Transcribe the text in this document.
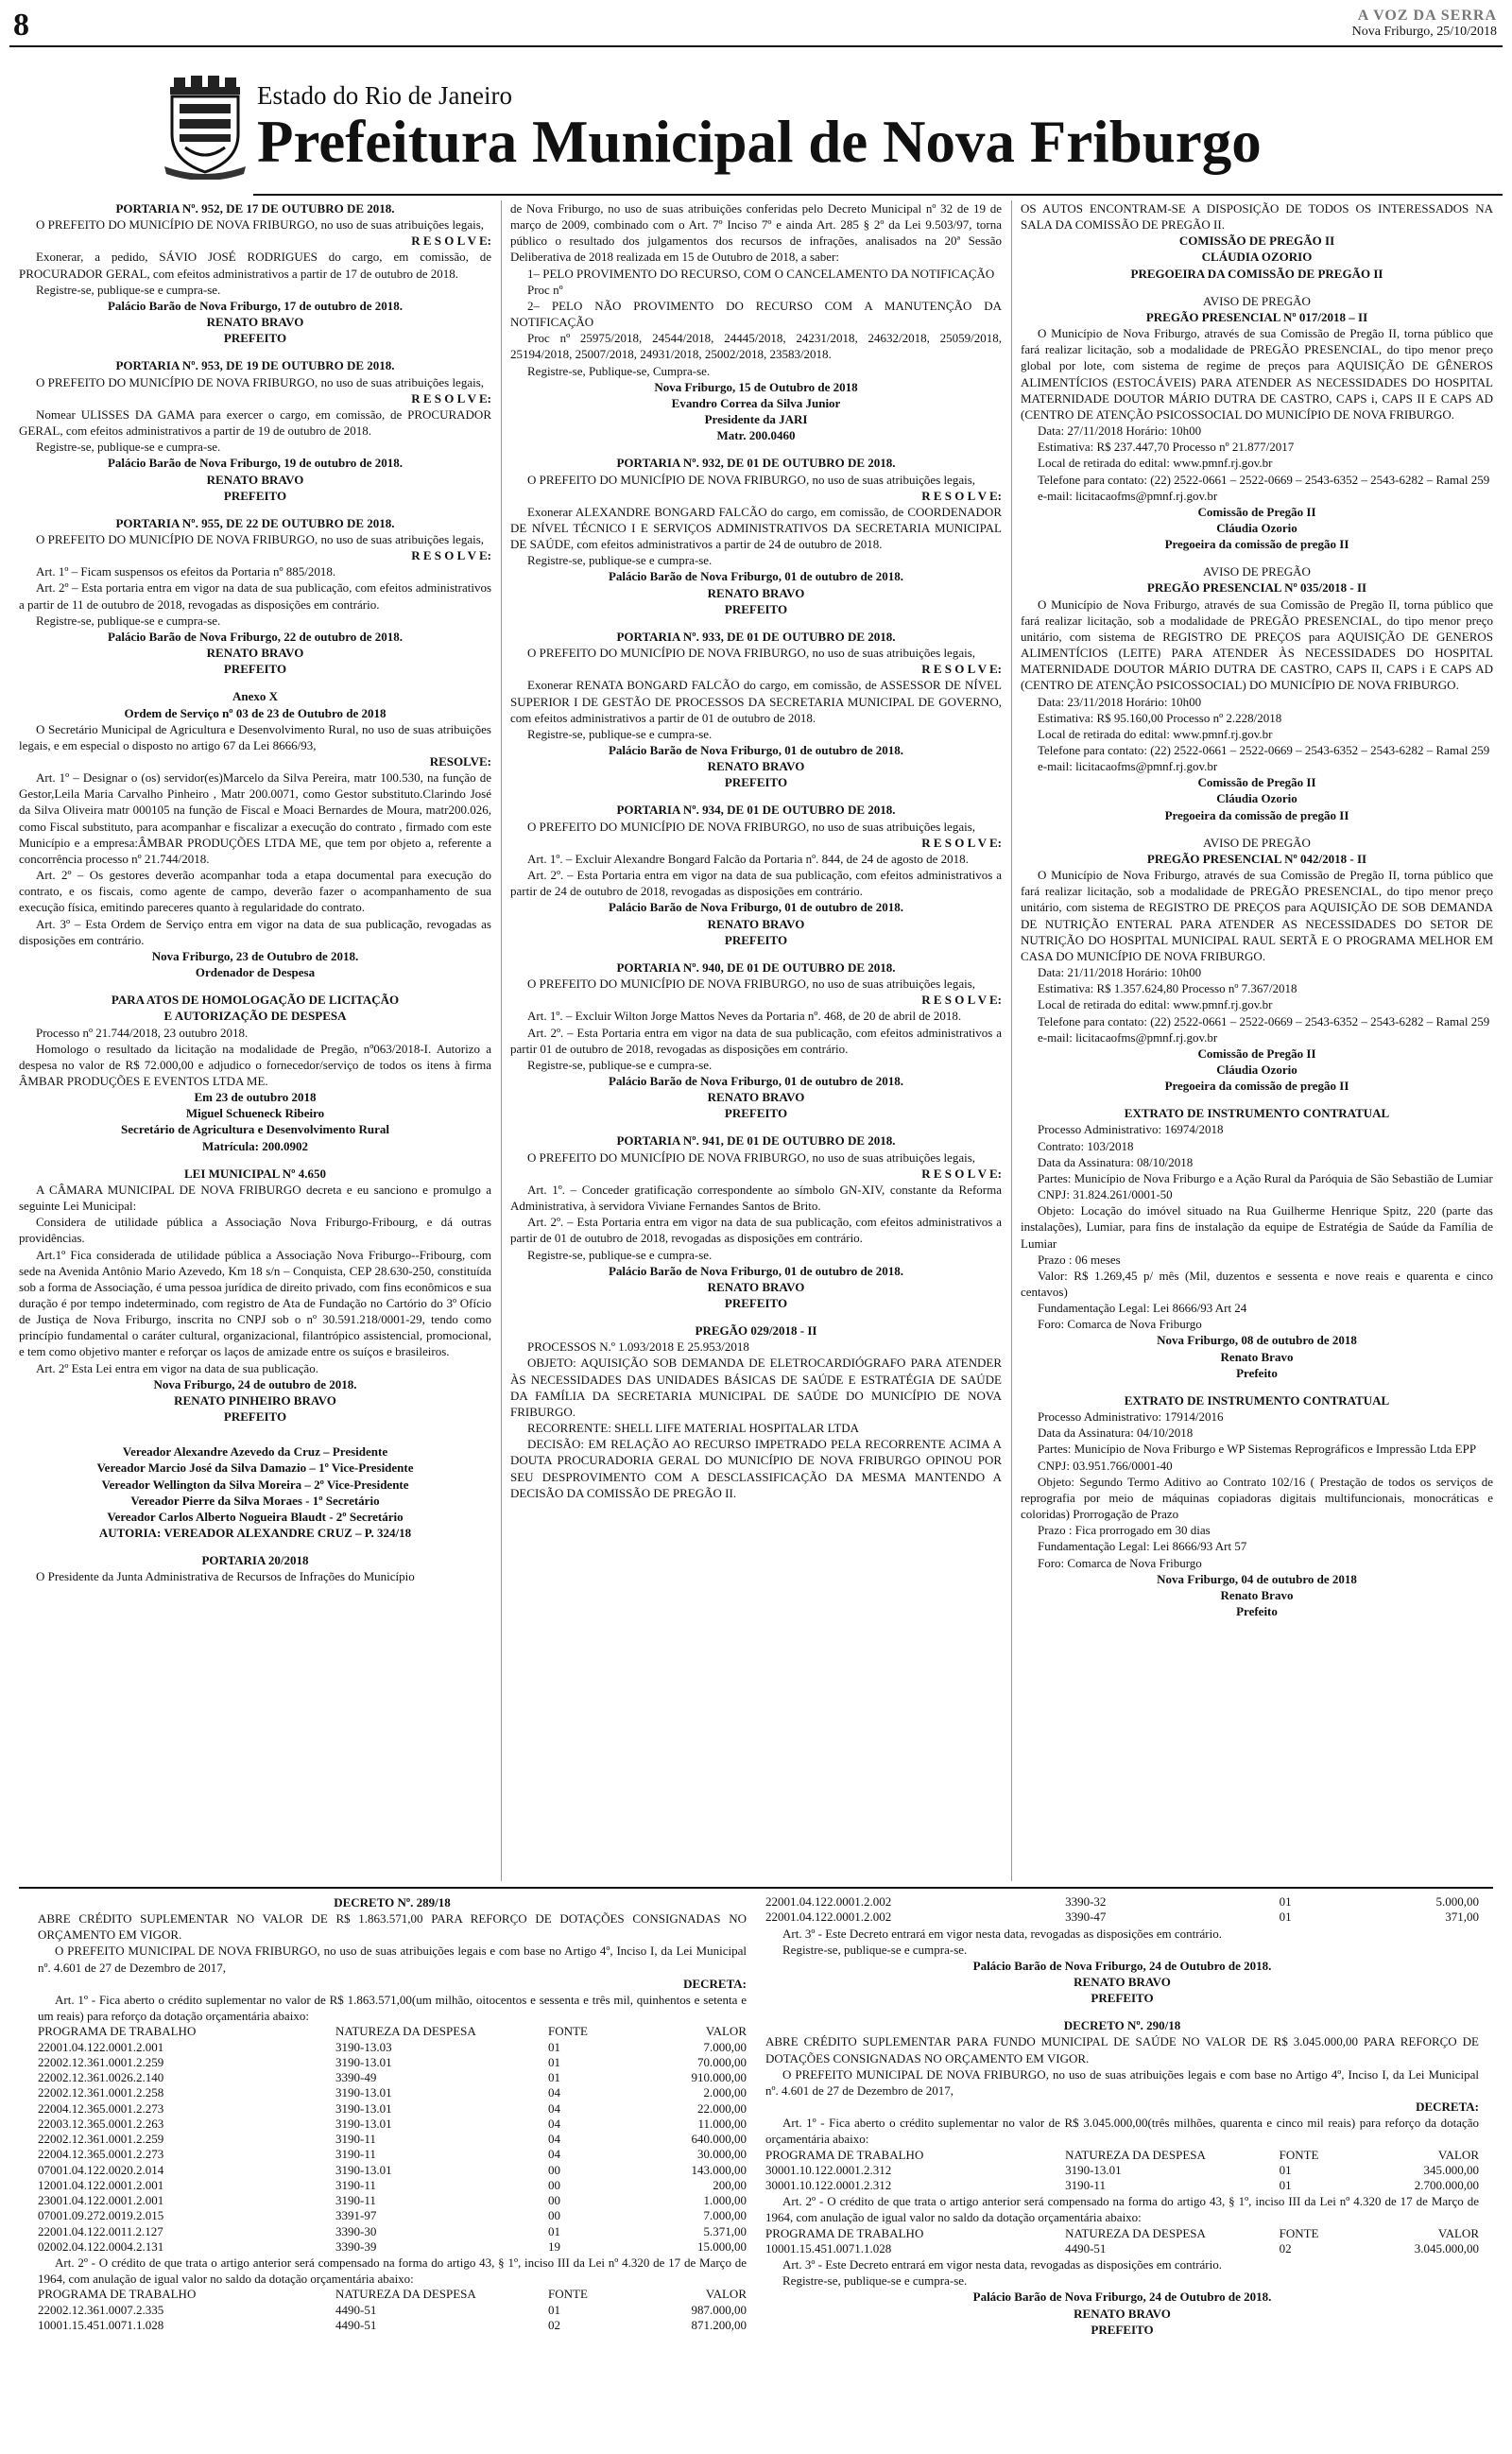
8	A VOZ DA SERRA
Nova Friburgo, 25/10/2018
Estado do Rio de Janeiro
Prefeitura Municipal de Nova Friburgo

PORTARIA Nº. 952, DE 17 DE OUTUBRO DE 2018.

O PREFEITO DO MUNICÍPIO DE NOVA FRIBURGO, no uso de suas atribuições legais,

R E S O L V E:

Exonerar, a pedido, SÁVIO JOSÉ RODRIGUES do cargo, em comissão, de PROCURADOR GERAL, com efeitos administrativos a partir de 17 de outubro de 2018.

Registre-se, publique-se e cumpra-se.

Palácio Barão de Nova Friburgo, 17 de outubro de 2018.

RENATO BRAVO

PREFEITO

PORTARIA Nº. 953, DE 19 DE OUTUBRO DE 2018.

O PREFEITO DO MUNICÍPIO DE NOVA FRIBURGO, no uso de suas atribuições legais,

R E S O L V E:

Nomear ULISSES DA GAMA para exercer o cargo, em comissão, de PROCURADOR GERAL, com efeitos administrativos a partir de 19 de outubro de 2018.

Registre-se, publique-se e cumpra-se.

Palácio Barão de Nova Friburgo, 19 de outubro de 2018.

RENATO BRAVO

PREFEITO

PORTARIA Nº. 955, DE 22 DE OUTUBRO DE 2018.

O PREFEITO DO MUNICÍPIO DE NOVA FRIBURGO, no uso de suas atribuições legais,

R E S O L V E:

Art. 1º – Ficam suspensos os efeitos da Portaria nº 885/2018.

Art. 2º – Esta portaria entra em vigor na data de sua publicação, com efeitos administrativos a partir de 11 de outubro de 2018, revogadas as disposições em contrário.

Registre-se, publique-se e cumpra-se.

Palácio Barão de Nova Friburgo, 22 de outubro de 2018.

RENATO BRAVO

PREFEITO

Anexo X

Ordem de Serviço nº 03 de 23 de Outubro de 2018

O Secretário Municipal de Agricultura e Desenvolvimento Rural, no uso de suas atribuições legais, e em especial o disposto no artigo 67 da Lei 8666/93,

RESOLVE:

Art. 1º – Designar o (os) servidor(es)Marcelo da Silva Pereira, matr 100.530, na função de Gestor,Leila Maria Carvalho Pinheiro , Matr 200.0071, como Gestor substituto.Clarindo José da Silva Oliveira matr 000105 na função de Fiscal e Moaci Bernardes de Moura, matr200.026, como Fiscal substituto, para acompanhar e fiscalizar a execução do contrato , firmado com este Município e a empresa:ÂMBAR PRODUÇÕES LTDA ME, que tem por objeto a, referente a concorrência processo nº 21.744/2018.

Art. 2º – Os gestores deverão acompanhar toda a etapa documental para execução do contrato, e os fiscais, como agente de campo, deverão fazer o acompanhamento de sua execução física, emitindo pareceres quanto à regularidade do contrato.

Art. 3º – Esta Ordem de Serviço entra em vigor na data de sua publicação, revogadas as disposições em contrário.

Nova Friburgo, 23 de Outubro de 2018.

Ordenador de Despesa

PARA ATOS DE HOMOLOGAÇÃO DE LICITAÇÃO

E AUTORIZAÇÃO DE DESPESA

Processo nº 21.744/2018, 23 outubro 2018.

Homologo o resultado da licitação na modalidade de Pregão, nº063/2018-I. Autorizo a despesa no valor de R$ 72.000,00 e adjudico o fornecedor/serviço de todos os itens à firma ÂMBAR PRODUÇÕES E EVENTOS LTDA ME.

Em 23 de outubro 2018

Miguel Schueneck Ribeiro

Secretário de Agricultura e Desenvolvimento Rural

Matrícula: 200.0902

LEI MUNICIPAL Nº 4.650

A CÂMARA MUNICIPAL DE NOVA FRIBURGO decreta e eu sanciono e promulgo a seguinte Lei Municipal:

Considera de utilidade pública a Associação Nova Friburgo-Fribourg, e dá outras providências.

Art.1º Fica considerada de utilidade pública a Associação Nova Friburgo--Fribourg, com sede na Avenida Antônio Mario Azevedo, Km 18 s/n – Conquista, CEP 28.630-250, constituída sob a forma de Associação, é uma pessoa jurídica de direito privado, com fins econômicos e sua duração é por tempo indeterminado, com registro de Ata de Fundação no Cartório do 3º Ofício de Justiça de Nova Friburgo, inscrita no CNPJ sob o nº 30.591.218/0001-29, tendo como princípio fundamental o caráter cultural, organizacional, filantrópico assistencial, promocional, e tem como objetivo manter e reforçar os laços de amizade entre os suíços e brasileiros.

Art. 2º Esta Lei entra em vigor na data de sua publicação.

Nova Friburgo, 24 de outubro de 2018.

RENATO PINHEIRO BRAVO

PREFEITO

Vereador Alexandre Azevedo da Cruz – Presidente

Vereador Marcio José da Silva Damazio – 1º Vice-Presidente

Vereador Wellington da Silva Moreira – 2º Vice-Presidente

Vereador Pierre da Silva Moraes - 1º Secretário

Vereador Carlos Alberto Nogueira Blaudt - 2º Secretário

AUTORIA: VEREADOR ALEXANDRE CRUZ – P. 324/18

PORTARIA 20/2018

O Presidente da Junta Administrativa de Recursos de Infrações do Município

de Nova Friburgo, no uso de suas atribuições conferidas pelo Decreto Municipal nº 32 de 19 de março de 2009, combinado com o Art. 7º Inciso 7º e ainda Art. 285 § 2º da Lei 9.503/97, torna público o resultado dos julgamentos dos recursos de infrações, analisados na 20ª Sessão Deliberativa de 2018 realizada em 15 de Outubro de 2018, a saber:

1– PELO PROVIMENTO DO RECURSO, COM O CANCELAMENTO DA NOTIFICAÇÃO

Proc nº

2– PELO NÃO PROVIMENTO DO RECURSO COM A MANUTENÇÃO DA NOTIFICAÇÃO

Proc nº 25975/2018, 24544/2018, 24445/2018, 24231/2018, 24632/2018, 25059/2018, 25194/2018, 25007/2018, 24931/2018, 25002/2018, 23583/2018.

Registre-se, Publique-se, Cumpra-se.

Nova Friburgo, 15 de Outubro de 2018

Evandro Correa da Silva Junior

Presidente da JARI

Matr. 200.0460

PORTARIA Nº. 932, DE 01 DE OUTUBRO DE 2018.

O PREFEITO DO MUNICÍPIO DE NOVA FRIBURGO, no uso de suas atribuições legais,

R E S O L V E:

Exonerar ALEXANDRE BONGARD FALCÃO do cargo, em comissão, de COORDENADOR DE NÍVEL TÉCNICO I E SERVIÇOS ADMINISTRATIVOS DA SECRETARIA MUNICIPAL DE SAÚDE, com efeitos administrativos a partir de 24 de outubro de 2018.

Registre-se, publique-se e cumpra-se.

Palácio Barão de Nova Friburgo, 01 de outubro de 2018.

RENATO BRAVO

PREFEITO

PORTARIA Nº. 933, DE 01 DE OUTUBRO DE 2018.

O PREFEITO DO MUNICÍPIO DE NOVA FRIBURGO, no uso de suas atribuições legais,

R E S O L V E:

Exonerar RENATA BONGARD FALCÃO do cargo, em comissão, de ASSESSOR DE NÍVEL SUPERIOR I DE GESTÃO DE PROCESSOS DA SECRETARIA MUNICIPAL DE GOVERNO, com efeitos administrativos a partir de 01 de outubro de 2018.

Registre-se, publique-se e cumpra-se.

Palácio Barão de Nova Friburgo, 01 de outubro de 2018.

RENATO BRAVO

PREFEITO

PORTARIA Nº. 934, DE 01 DE OUTUBRO DE 2018.

O PREFEITO DO MUNICÍPIO DE NOVA FRIBURGO, no uso de suas atribuições legais,

R E S O L V E:

Art. 1º. – Excluir Alexandre Bongard Falcão da Portaria nº. 844, de 24 de agosto de 2018.

Art. 2º. – Esta Portaria entra em vigor na data de sua publicação, com efeitos administrativos a partir de 24 de outubro de 2018, revogadas as disposições em contrário.

Palácio Barão de Nova Friburgo, 01 de outubro de 2018.

RENATO BRAVO

PREFEITO

PORTARIA Nº. 940, DE 01 DE OUTUBRO DE 2018.

O PREFEITO DO MUNICÍPIO DE NOVA FRIBURGO, no uso de suas atribuições legais,

R E S O L V E:

Art. 1º. – Excluir Wilton Jorge Mattos Neves da Portaria nº. 468, de 20 de abril de 2018.

Art. 2º. – Esta Portaria entra em vigor na data de sua publicação, com efeitos administrativos a partir 01 de outubro de 2018, revogadas as disposições em contrário.

Registre-se, publique-se e cumpra-se.

Palácio Barão de Nova Friburgo, 01 de outubro de 2018.

RENATO BRAVO

PREFEITO

PORTARIA Nº. 941, DE 01 DE OUTUBRO DE 2018.

O PREFEITO DO MUNICÍPIO DE NOVA FRIBURGO, no uso de suas atribuições legais,

R E S O L V E:

Art. 1º. – Conceder gratificação correspondente ao símbolo GN-XIV, constante da Reforma Administrativa, à servidora Viviane Fernandes Santos de Brito.

Art. 2º. – Esta Portaria entra em vigor na data de sua publicação, com efeitos administrativos a partir de 01 de outubro de 2018, revogadas as disposições em contrário.

Registre-se, publique-se e cumpra-se.

Palácio Barão de Nova Friburgo, 01 de outubro de 2018.

RENATO BRAVO

PREFEITO

PREGÃO 029/2018 - II

PROCESSOS N.º 1.093/2018 E 25.953/2018

OBJETO: AQUISIÇÃO SOB DEMANDA DE ELETROCARDIÓGRAFO PARA ATENDER ÀS NECESSIDADES DAS UNIDADES BÁSICAS DE SAÚDE E ESTRATÉGIA DE SAÚDE DA FAMÍLIA DA SECRETARIA MUNICIPAL DE SAÚDE DO MUNICÍPIO DE NOVA FRIBURGO.

RECORRENTE: SHELL LIFE MATERIAL HOSPITALAR LTDA

DECISÃO: EM RELAÇÃO AO RECURSO IMPETRADO PELA RECORRENTE ACIMA A DOUTA PROCURADORIA GERAL DO MUNICÍPIO DE NOVA FRIBURGO OPINOU POR SEU DESPROVIMENTO COM A DESCLASSIFICAÇÃO DA MESMA MANTENDO A DECISÃO DA COMISSÃO DE PREGÃO II.

OS AUTOS ENCONTRAM-SE A DISPOSIÇÃO DE TODOS OS INTERESSADOS NA SALA DA COMISSÃO DE PREGÃO II.

COMISSÃO DE PREGÃO II

CLÁUDIA OZORIO

PREGOEIRA DA COMISSÃO DE PREGÃO II

AVISO DE PREGÃO

PREGÃO PRESENCIAL Nº 017/2018 – II

O Município de Nova Friburgo, através de sua Comissão de Pregão II, torna público que fará realizar licitação, sob a modalidade de PREGÃO PRESENCIAL, do tipo menor preço global por lote, com sistema de regime de preços para AQUISIÇÃO DE GÊNEROS ALIMENTÍCIOS (ESTOCÁVEIS) PARA ATENDER AS NECESSIDADES DO HOSPITAL MATERNIDADE DOUTOR MÁRIO DUTRA DE CASTRO, CAPS i, CAPS II E CAPS AD (CENTRO DE ATENÇÃO PSICOSSOCIAL DO MUNICÍPIO DE NOVA FRIBURGO.

Data: 27/11/2018 Horário: 10h00

Estimativa: R$ 237.447,70 Processo nº 21.877/2017

Local de retirada do edital: www.pmnf.rj.gov.br

Telefone para contato: (22) 2522-0661 – 2522-0669 – 2543-6352 – 2543-6282 – Ramal 259

e-mail: licitacaofms@pmnf.rj.gov.br

Comissão de Pregão II

Cláudia Ozorio

Pregoeira da comissão de pregão II

AVISO DE PREGÃO

PREGÃO PRESENCIAL Nº 035/2018 - II

O Município de Nova Friburgo, através de sua Comissão de Pregão II, torna público que fará realizar licitação, sob a modalidade de PREGÃO PRESENCIAL, do tipo menor preço unitário, com sistema de REGISTRO DE PREÇOS para AQUISIÇÃO DE GENEROS ALIMENTÍCIOS (LEITE) PARA ATENDER ÀS NECESSIDADES DO HOSPITAL MATERNIDADE DOUTOR MÁRIO DUTRA DE CASTRO, CAPS II, CAPS i E CAPS AD (CENTRO DE ATENÇÃO PSICOSSOCIAL) DO MUNICÍPIO DE NOVA FRIBURGO.

Data: 23/11/2018 Horário: 10h00

Estimativa: R$ 95.160,00 Processo nº 2.228/2018

Local de retirada do edital: www.pmnf.rj.gov.br

Telefone para contato: (22) 2522-0661 – 2522-0669 – 2543-6352 – 2543-6282 – Ramal 259

e-mail: licitacaofms@pmnf.rj.gov.br

Comissão de Pregão II

Cláudia Ozorio

Pregoeira da comissão de pregão II

AVISO DE PREGÃO

PREGÃO PRESENCIAL Nº 042/2018 - II

O Município de Nova Friburgo, através de sua Comissão de Pregão II, torna público que fará realizar licitação, sob a modalidade de PREGÃO PRESENCIAL, do tipo menor preço unitário, com sistema de REGISTRO DE PREÇOS para AQUISIÇÃO DE SOB DEMANDA DE NUTRIÇÃO ENTERAL PARA ATENDER AS NECESSIDADES DO SETOR DE NUTRIÇÃO DO HOSPITAL MUNICIPAL RAUL SERTÃ E O PROGRAMA MELHOR EM CASA DO MUNICÍPIO DE NOVA FRIBURGO.

Data: 21/11/2018 Horário: 10h00

Estimativa: R$ 1.357.624,80 Processo nº 7.367/2018

Local de retirada do edital: www.pmnf.rj.gov.br

Telefone para contato: (22) 2522-0661 – 2522-0669 – 2543-6352 – 2543-6282 – Ramal 259

e-mail: licitacaofms@pmnf.rj.gov.br

Comissão de Pregão II

Cláudia Ozorio

Pregoeira da comissão de pregão II

EXTRATO DE INSTRUMENTO CONTRATUAL

Processo Administrativo: 16974/2018

Contrato: 103/2018

Data da Assinatura: 08/10/2018

Partes: Município de Nova Friburgo e a Ação Rural da Paróquia de São Sebastião de Lumiar

CNPJ: 31.824.261/0001-50

Objeto: Locação do imóvel situado na Rua Guilherme Henrique Spitz, 220 (parte das instalações), Lumiar, para fins de instalação da equipe de Estratégia de Saúde da Família de Lumiar

Prazo : 06 meses

Valor: R$ 1.269,45 p/ mês (Mil, duzentos e sessenta e nove reais e quarenta e cinco centavos)

Fundamentação Legal: Lei 8666/93 Art 24

Foro: Comarca de Nova Friburgo

Nova Friburgo, 08 de outubro de 2018

Renato Bravo

Prefeito

EXTRATO DE INSTRUMENTO CONTRATUAL

Processo Administrativo: 17914/2016

Data da Assinatura: 04/10/2018

Partes: Município de Nova Friburgo e WP Sistemas Reprográficos e Impressão Ltda EPP

CNPJ: 03.951.766/0001-40

Objeto: Segundo Termo Aditivo ao Contrato 102/16 ( Prestação de todos os serviços de reprografia por meio de máquinas copiadoras digitais multifuncionais, monocráticas e coloridas) Prorrogação de Prazo

Prazo : Fica prorrogado em 30 dias

Fundamentação Legal: Lei 8666/93 Art 57

Foro: Comarca de Nova Friburgo

Nova Friburgo, 04 de outubro de 2018

Renato Bravo

Prefeito

DECRETO Nº. 289/18

ABRE CRÉDITO SUPLEMENTAR NO VALOR DE R$ 1.863.571,00 PARA REFORÇO DE DOTAÇÕES CONSIGNADAS NO ORÇAMENTO EM VIGOR.

O PREFEITO MUNICIPAL DE NOVA FRIBURGO, no uso de suas atribuições legais e com base no Artigo 4º, Inciso I, da Lei Municipal nº. 4.601 de 27 de Dezembro de 2017,

DECRETA:

Art. 1º - Fica aberto o crédito suplementar no valor de R$ 1.863.571,00(um milhão, oitocentos e sessenta e três mil, quinhentos e setenta e um reais) para reforço da dotação orçamentária abaixo:

PROGRAMA DE TRABALHO	NATUREZA DA DESPESA	FONTE	VALOR
22001.04.122.0001.2.001	3190-13.03	01	7.000,00
22002.12.361.0001.2.259	3190-13.01	01	70.000,00
22002.12.361.0026.2.140	3390-49	01	910.000,00
22002.12.361.0001.2.258	3190-13.01	04	2.000,00
22004.12.365.0001.2.273	3190-13.01	04	22.000,00
22003.12.365.0001.2.263	3190-13.01	04	11.000,00
22002.12.361.0001.2.259	3190-11	04	640.000,00
22004.12.365.0001.2.273	3190-11	04	30.000,00
07001.04.122.0020.2.014	3190-13.01	00	143.000,00
12001.04.122.0001.2.001	3190-11	00	200,00
23001.04.122.0001.2.001	3190-11	00	1.000,00
07001.09.272.0019.2.015	3391-97	00	7.000,00
22001.04.122.0011.2.127	3390-30	01	5.371,00
02002.04.122.0004.2.131	3390-39	19	15.000,00

Art. 2º - O crédito de que trata o artigo anterior será compensado na forma do artigo 43, § 1º, inciso III da Lei nº 4.320 de 17 de Março de 1964, com anulação de igual valor no saldo da dotação orçamentária abaixo:

PROGRAMA DE TRABALHO	NATUREZA DA DESPESA	FONTE	VALOR
22002.12.361.0007.2.335	4490-51	01	987.000,00
10001.15.451.0071.1.028	4490-51	02	871.200,00
22001.04.122.0001.2.002	3390-32	01	5.000,00
22001.04.122.0001.2.002	3390-47	01	371,00

Art. 3º - Este Decreto entrará em vigor nesta data, revogadas as disposições em contrário.

Registre-se, publique-se e cumpra-se.

Palácio Barão de Nova Friburgo, 24 de Outubro de 2018.

RENATO BRAVO

PREFEITO

DECRETO Nº. 290/18

ABRE CRÉDITO SUPLEMENTAR PARA FUNDO MUNICIPAL DE SAÚDE NO VALOR DE R$ 3.045.000,00 PARA REFORÇO DE DOTAÇÕES CONSIGNADAS NO ORÇAMENTO EM VIGOR.

O PREFEITO MUNICIPAL DE NOVA FRIBURGO, no uso de suas atribuições legais e com base no Artigo 4º, Inciso I, da Lei Municipal nº. 4.601 de 27 de Dezembro de 2017,

DECRETA:

Art. 1º - Fica aberto o crédito suplementar no valor de R$ 3.045.000,00(três milhões, quarenta e cinco mil reais) para reforço da dotação orçamentária abaixo:

PROGRAMA DE TRABALHO	NATUREZA DA DESPESA	FONTE	VALOR
30001.10.122.0001.2.312	3190-13.01	01	345.000,00
30001.10.122.0001.2.312	3190-11	01	2.700.000,00

Art. 2º - O crédito de que trata o artigo anterior será compensado na forma do artigo 43, § 1º, inciso III da Lei nº 4.320 de 17 de Março de 1964, com anulação de igual valor no saldo da dotação orçamentária abaixo:

PROGRAMA DE TRABALHO	NATUREZA DA DESPESA	FONTE	VALOR
10001.15.451.0071.1.028	4490-51	02	3.045.000,00

Art. 3º - Este Decreto entrará em vigor nesta data, revogadas as disposições em contrário.

Registre-se, publique-se e cumpra-se.

Palácio Barão de Nova Friburgo, 24 de Outubro de 2018.

RENATO BRAVO

PREFEITO
